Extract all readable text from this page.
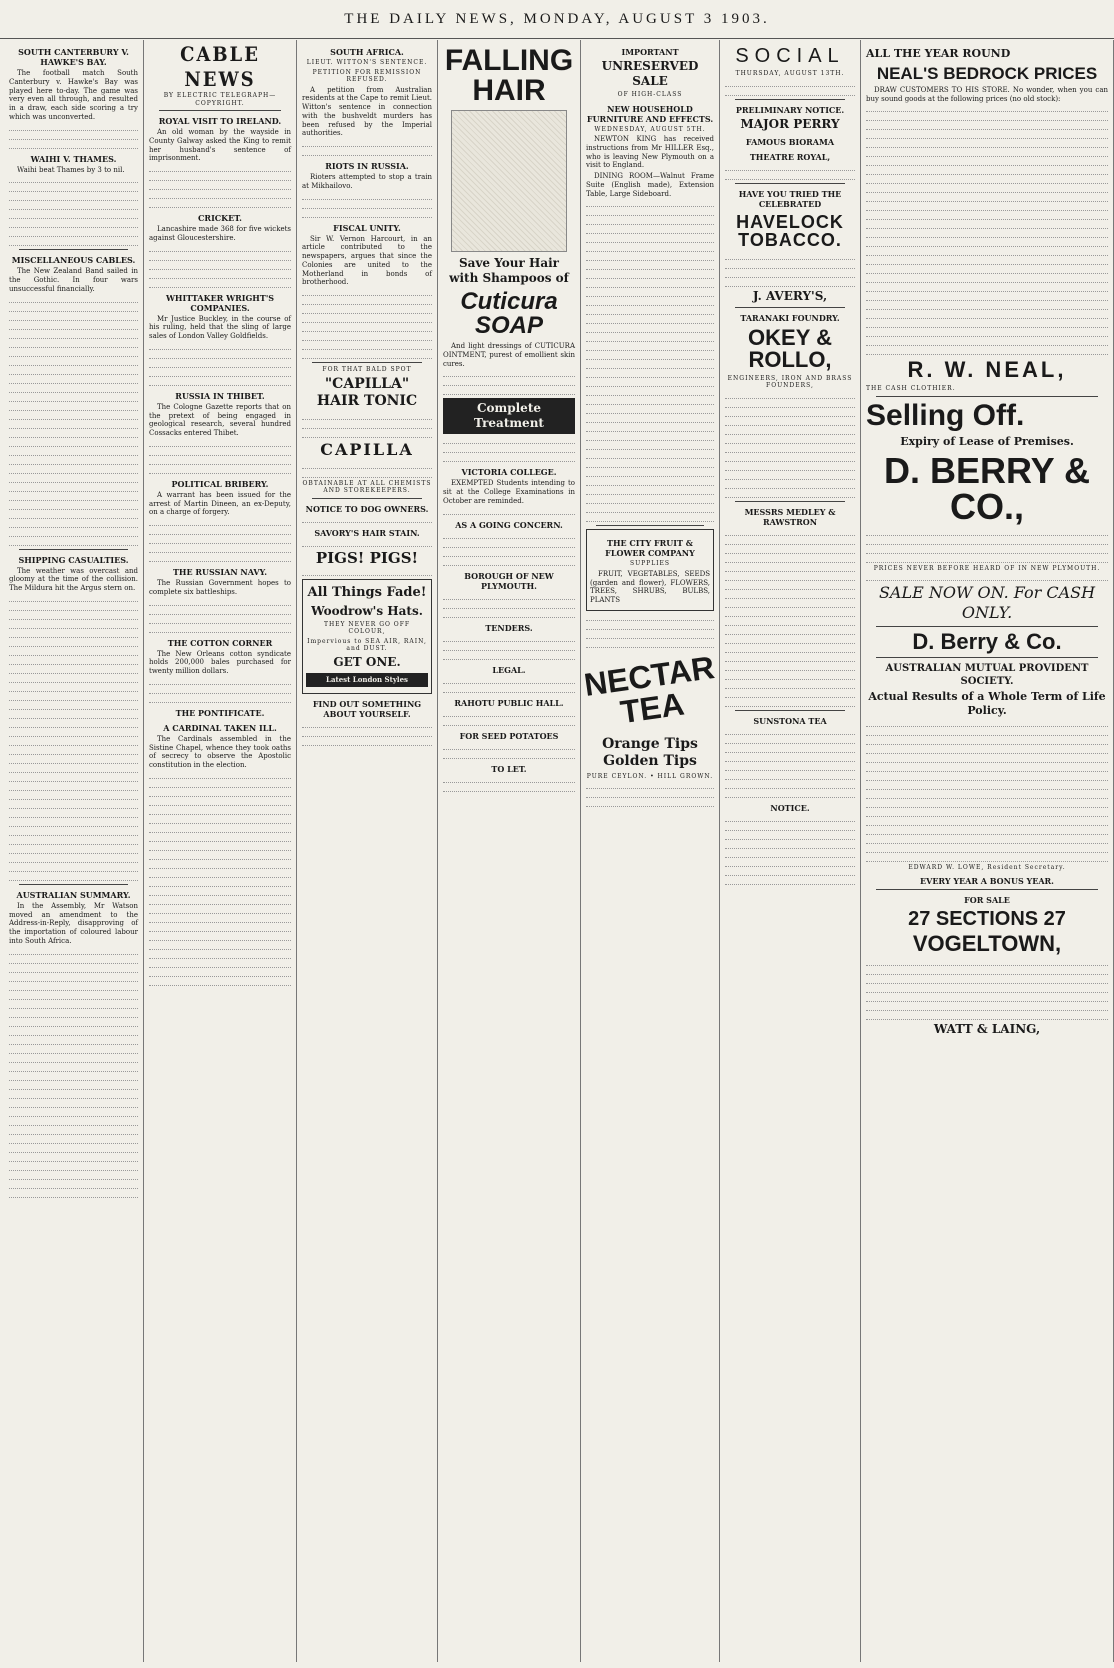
THE DAILY NEWS, MONDAY, AUGUST 3 1903.
SOUTH CANTERBURY V. HAWKE'S BAY.
The football match South Canterbury v. Hawke's Bay was played here to-day. The game was very even all through, and resulted in a draw, each side scoring a try which was unconverted.
WAIHI V. THAMES.
Waihi beat Thames by 3 to nil.
MISCELLANEOUS CABLES.
The New Zealand Band sailed in the Gothic. In four wars unsuccessful financially.
SHIPPING CASUALTIES.
The weather was overcast and gloomy at the time of the collision. The Mildura hit the Argus stern on.
AUSTRALIAN SUMMARY.
In the Assembly, Mr Watson moved an amendment to the Address-in-Reply, disapproving of the importation of coloured labour into South Africa.
CABLE NEWS
BY ELECTRIC TELEGRAPH—COPYRIGHT.
ROYAL VISIT TO IRELAND.
An old woman by the wayside in County Galway asked the King to remit her husband's sentence of imprisonment.
CRICKET.
Lancashire made 368 for five wickets against Gloucestershire.
WHITTAKER WRIGHT'S COMPANIES.
Mr Justice Buckley, in the course of his ruling, held that the sling of large sales of London Valley Goldfields.
RUSSIA IN THIBET.
The Cologne Gazette reports that on the pretext of being engaged in geological research, several hundred Cossacks entered Thibet.
POLITICAL BRIBERY.
A warrant has been issued for the arrest of Martin Dineen, an ex-Deputy, on a charge of forgery.
THE RUSSIAN NAVY.
The Russian Government hopes to complete six battleships.
THE COTTON CORNER
The New Orleans cotton syndicate holds 200,000 bales purchased for twenty million dollars.
THE PONTIFICATE.
A CARDINAL TAKEN ILL.
The Cardinals assembled in the Sistine Chapel, whence they took oaths of secrecy to observe the Apostolic constitution in the election.
SOUTH AFRICA.
LIEUT. WITTON'S SENTENCE.
PETITION FOR REMISSION REFUSED.
A petition from Australian residents at the Cape to remit Lieut. Witton's sentence in connection with the bushveldt murders has been refused by the Imperial authorities.
RIOTS IN RUSSIA.
Rioters attempted to stop a train at Mikhailovo.
FISCAL UNITY.
Sir W. Vernon Harcourt, in an article contributed to the newspapers, argues that since the Colonies are united to the Motherland in bonds of brotherhood.
FOR THAT BALD SPOT
"CAPILLA" HAIR TONIC
CAPILLA
OBTAINABLE AT ALL CHEMISTS AND STOREKEEPERS.
NOTICE TO DOG OWNERS.
SAVORY'S HAIR STAIN.
PIGS! PIGS!
All Things Fade!
Woodrow's Hats.
THEY NEVER GO OFF COLOUR,
Impervious to SEA AIR, RAIN, and DUST.
GET ONE.
Latest London Styles
FIND OUT SOMETHING ABOUT YOURSELF.
FALLING HAIR
Save Your Hair with Shampoos of
Cuticura SOAP
And light dressings of CUTICURA OINTMENT, purest of emollient skin cures.
Complete Treatment
VICTORIA COLLEGE.
EXEMPTED Students intending to sit at the College Examinations in October are reminded.
AS A GOING CONCERN.
BOROUGH OF NEW PLYMOUTH.
TENDERS.
LEGAL.
RAHOTU PUBLIC HALL.
FOR SEED POTATOES
TO LET.
IMPORTANT
UNRESERVED SALE
OF HIGH-CLASS
NEW HOUSEHOLD FURNITURE AND EFFECTS.
WEDNESDAY, AUGUST 5TH.
NEWTON KING has received instructions from Mr HILLER Esq., who is leaving New Plymouth on a visit to England.
DINING ROOM—Walnut Frame Suite (English made), Extension Table, Large Sideboard.
THE CITY FRUIT & FLOWER COMPANY
SUPPLIES
FRUIT, VEGETABLES, SEEDS (garden and flower), FLOWERS, TREES, SHRUBS, BULBS, PLANTS
NECTAR TEA
Orange Tips Golden Tips
PURE CEYLON. • HILL GROWN.
SOCIAL
THURSDAY, AUGUST 13TH.
PRELIMINARY NOTICE.
MAJOR PERRY
FAMOUS BIORAMA
THEATRE ROYAL,
HAVE YOU TRIED THE CELEBRATED
HAVELOCK TOBACCO.
J. AVERY'S,
TARANAKI FOUNDRY.
OKEY & ROLLO,
ENGINEERS, IRON AND BRASS FOUNDERS,
MESSRS MEDLEY & RAWSTRON
SUNSTONA TEA
NOTICE.
ALL THE YEAR ROUND
NEAL'S BEDROCK PRICES
DRAW CUSTOMERS TO HIS STORE. No wonder, when you can buy sound goods at the following prices (no old stock):
R. W. NEAL,
THE CASH CLOTHIER.
Selling Off.
Expiry of Lease of Premises.
D. BERRY & CO.,
PRICES NEVER BEFORE HEARD OF IN NEW PLYMOUTH.
SALE NOW ON. For CASH ONLY.
D. Berry & Co.
AUSTRALIAN MUTUAL PROVIDENT SOCIETY.
Actual Results of a Whole Term of Life Policy.
EDWARD W. LOWE, Resident Secretary.
EVERY YEAR A BONUS YEAR.
FOR SALE
27 SECTIONS 27
VOGELTOWN,
WATT & LAING,
